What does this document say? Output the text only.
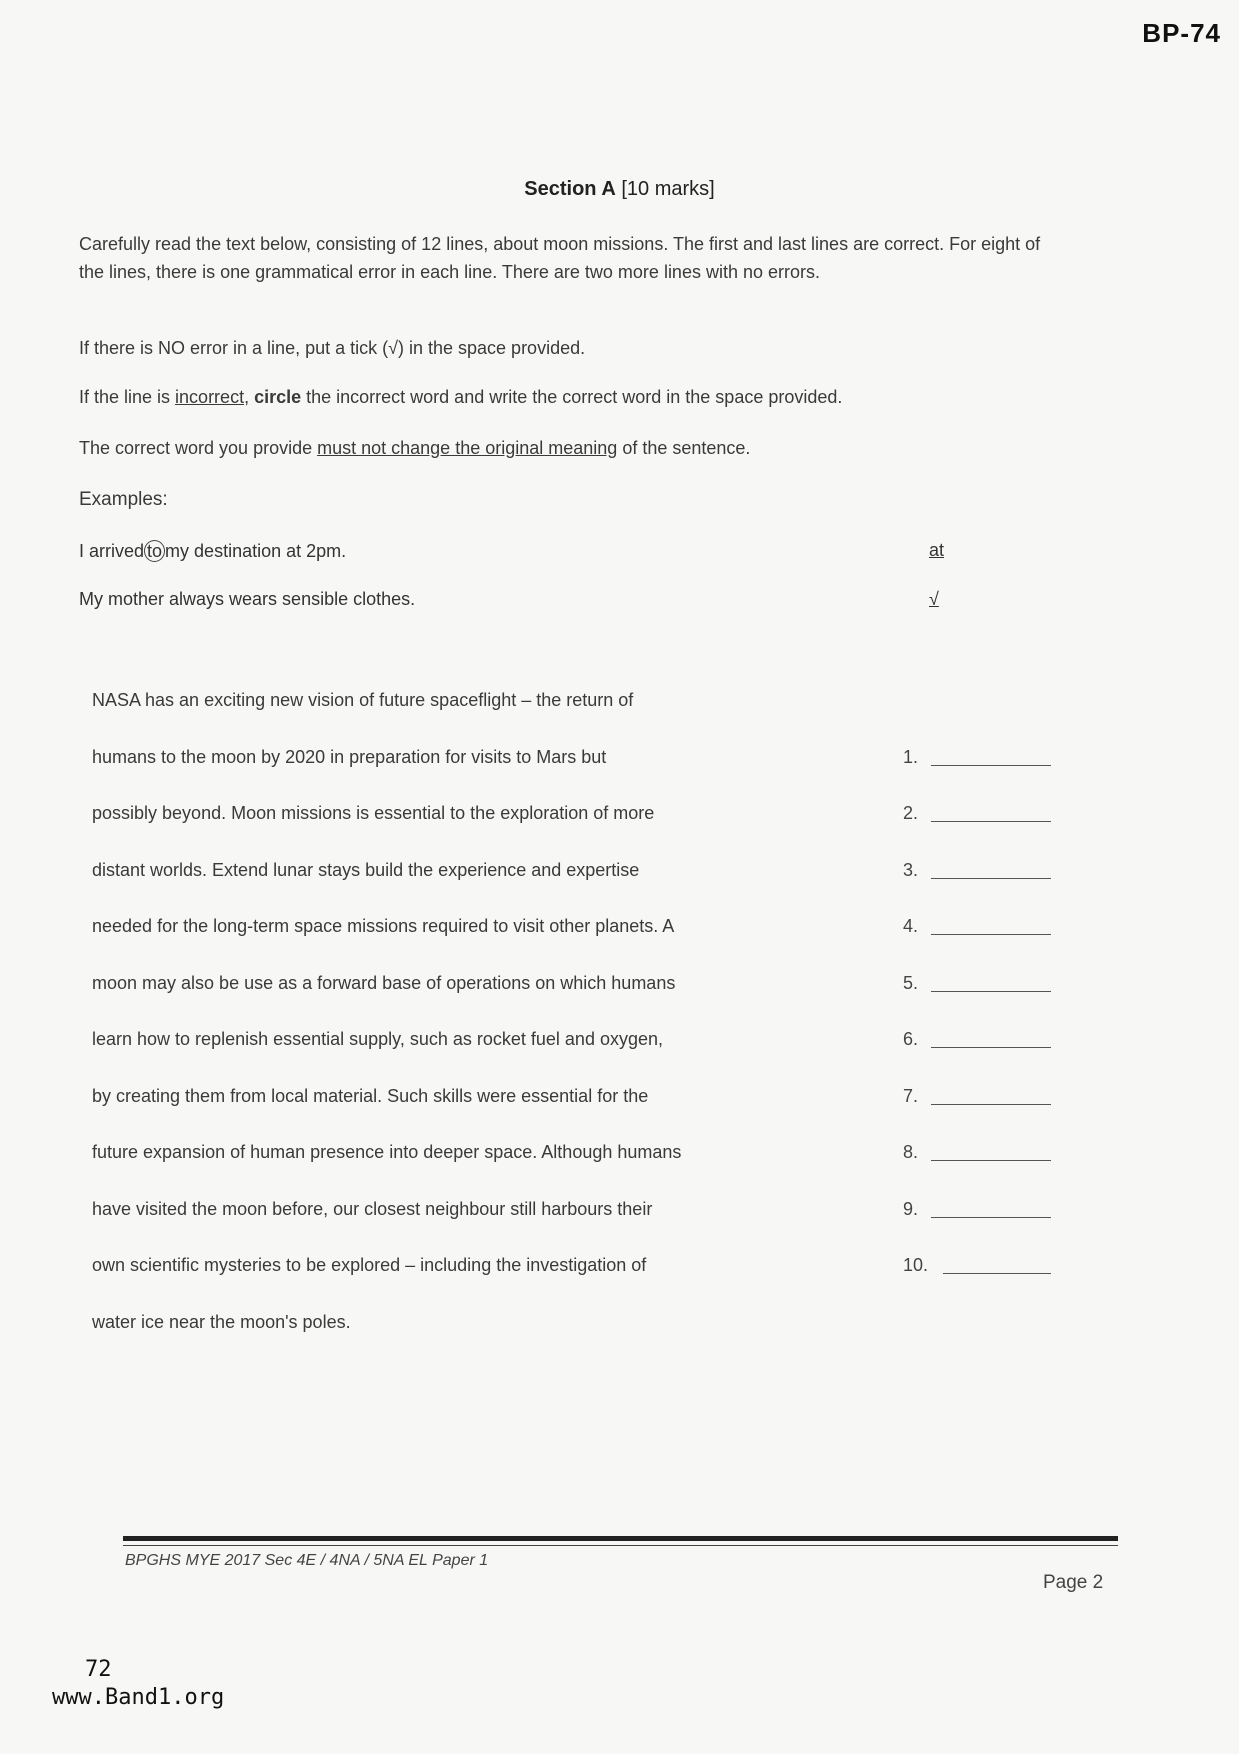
BP-74
Section A [10 marks]
Carefully read the text below, consisting of 12 lines, about moon missions. The first and last lines are correct. For eight of the lines, there is one grammatical error in each line. There are two more lines with no errors.
If there is NO error in a line, put a tick (√) in the space provided.
If the line is incorrect, circle the incorrect word and write the correct word in the space provided.
The correct word you provide must not change the original meaning of the sentence.
Examples:
I arrived to my destination at 2pm.	at
My mother always wears sensible clothes.	√
NASA has an exciting new vision of future spaceflight – the return of
humans to the moon by 2020 in preparation for visits to Mars but	1.
possibly beyond. Moon missions is essential to the exploration of more	2.
distant worlds. Extend lunar stays build the experience and expertise	3.
needed for the long-term space missions required to visit other planets. A	4.
moon may also be use as a forward base of operations on which humans	5.
learn how to replenish essential supply, such as rocket fuel and oxygen,	6.
by creating them from local material. Such skills were essential for the	7.
future expansion of human presence into deeper space. Although humans	8.
have visited the moon before, our closest neighbour still harbours their	9.
own scientific mysteries to be explored – including the investigation of	10.
water ice near the moon's poles.
BPGHS MYE 2017 Sec 4E / 4NA / 5NA EL Paper 1
Page 2
72
www.Band1.org
